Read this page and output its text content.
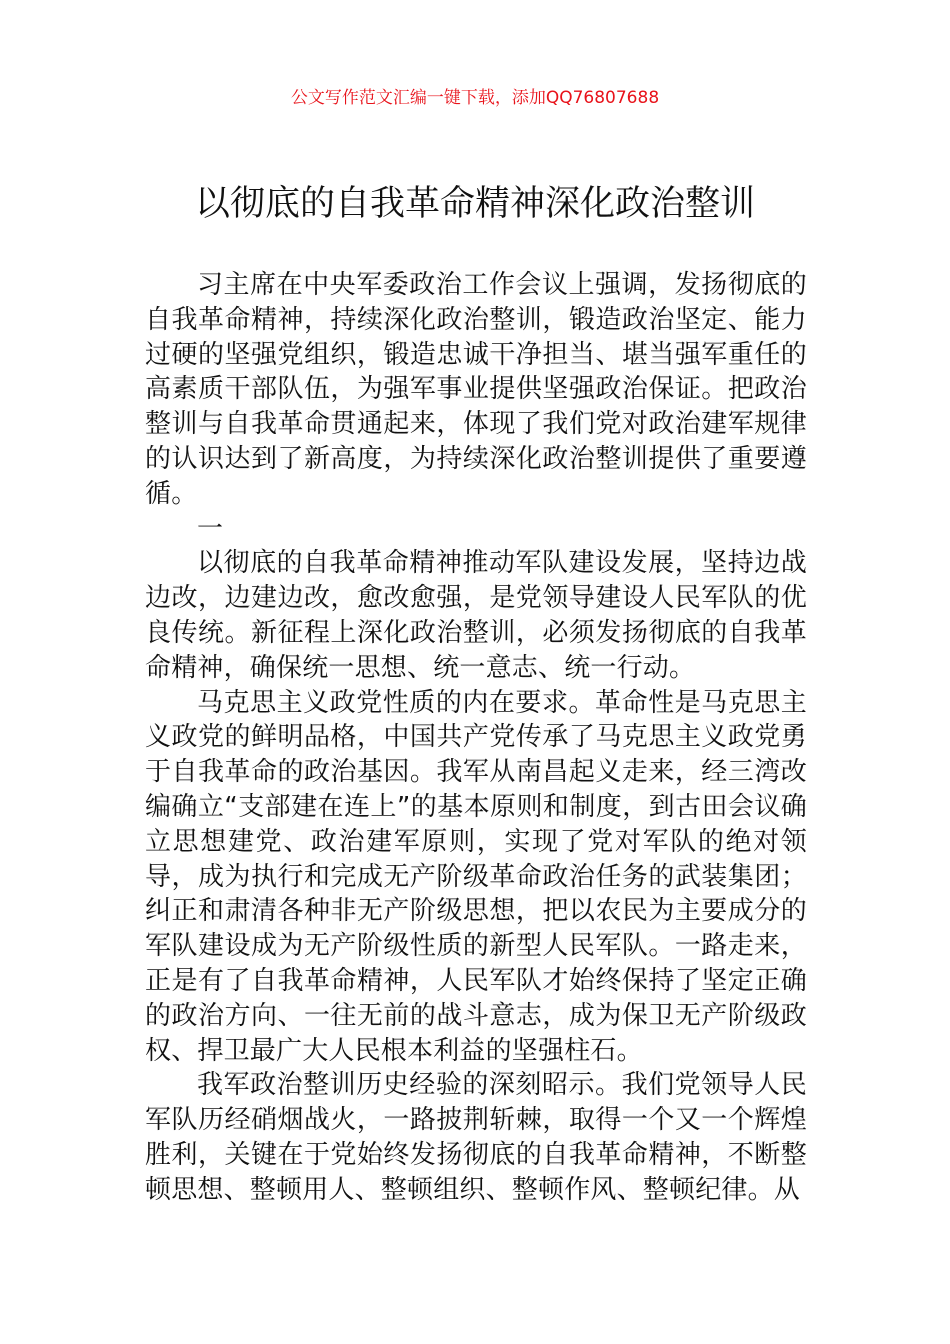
公文写作范文汇编一键下载，添加QQ76807688
以彻底的自我革命精神深化政治整训

习主席在中央军委政治工作会议上强调，发扬彻底的自我革命精神，持续深化政治整训，锻造政治坚定、能力过硬的坚强党组织，锻造忠诚干净担当、堪当强军重任的高素质干部队伍，为强军事业提供坚强政治保证。把政治整训与自我革命贯通起来，体现了我们党对政治建军规律的认识达到了新高度，为持续深化政治整训提供了重要遵循。

一

以彻底的自我革命精神推动军队建设发展，坚持边战边改，边建边改，愈改愈强，是党领导建设人民军队的优良传统。新征程上深化政治整训，必须发扬彻底的自我革命精神，确保统一思想、统一意志、统一行动。

马克思主义政党性质的内在要求。革命性是马克思主义政党的鲜明品格，中国共产党传承了马克思主义政党勇于自我革命的政治基因。我军从南昌起义走来，经三湾改编确立“支部建在连上”的基本原则和制度，到古田会议确立思想建党、政治建军原则，实现了党对军队的绝对领导，成为执行和完成无产阶级革命政治任务的武装集团；纠正和肃清各种非无产阶级思想，把以农民为主要成分的军队建设成为无产阶级性质的新型人民军队。一路走来，正是有了自我革命精神，人民军队才始终保持了坚定正确的政治方向、一往无前的战斗意志，成为保卫无产阶级政权、捍卫最广大人民根本利益的坚强柱石。

我军政治整训历史经验的深刻昭示。我们党领导人民军队历经硝烟战火，一路披荆斩棘，取得一个又一个辉煌胜利，关键在于党始终发扬彻底的自我革命精神，不断整顿思想、整顿用人、整顿组织、整顿作风、整顿纪律。从
